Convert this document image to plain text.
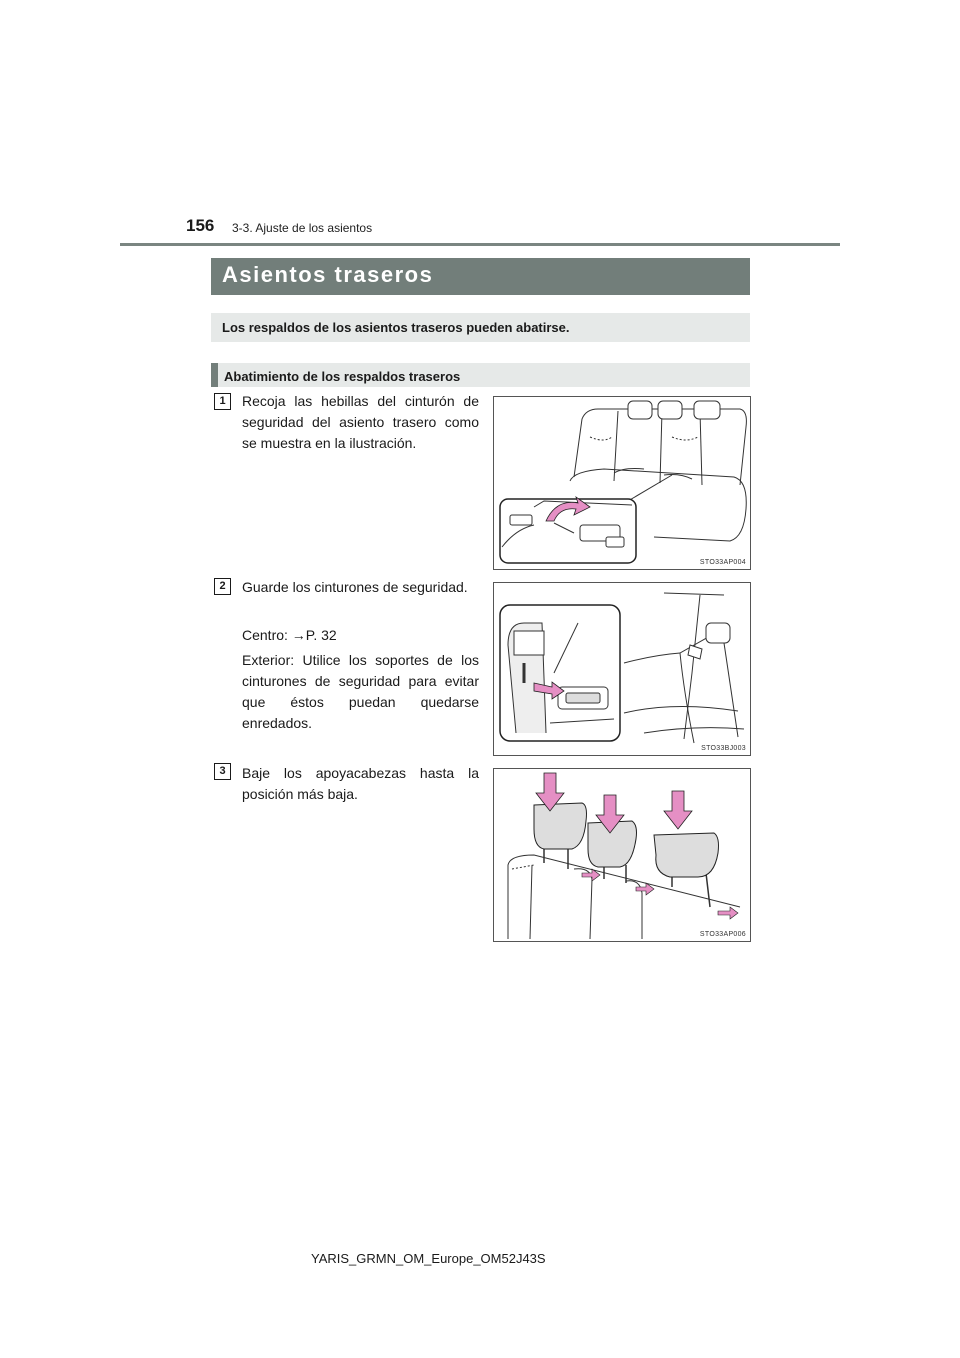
156 3-3. Ajuste de los asientos
Asientos traseros
Los respaldos de los asientos traseros pueden abatirse.
Abatimiento de los respaldos traseros
1	Recoja las hebillas del cinturón de seguridad del asiento trasero como se muestra en la ilustración.
STO33AP004
2	Guarde los cinturones de seguridad.
Centro: →P. 32
Exterior: Utilice los soportes de los cinturones de seguridad para evitar que éstos puedan quedarse enredados.
STO33BJ003
3	Baje los apoyacabezas hasta la posición más baja.
STO33AP006
YARIS_GRMN_OM_Europe_OM52J43S
